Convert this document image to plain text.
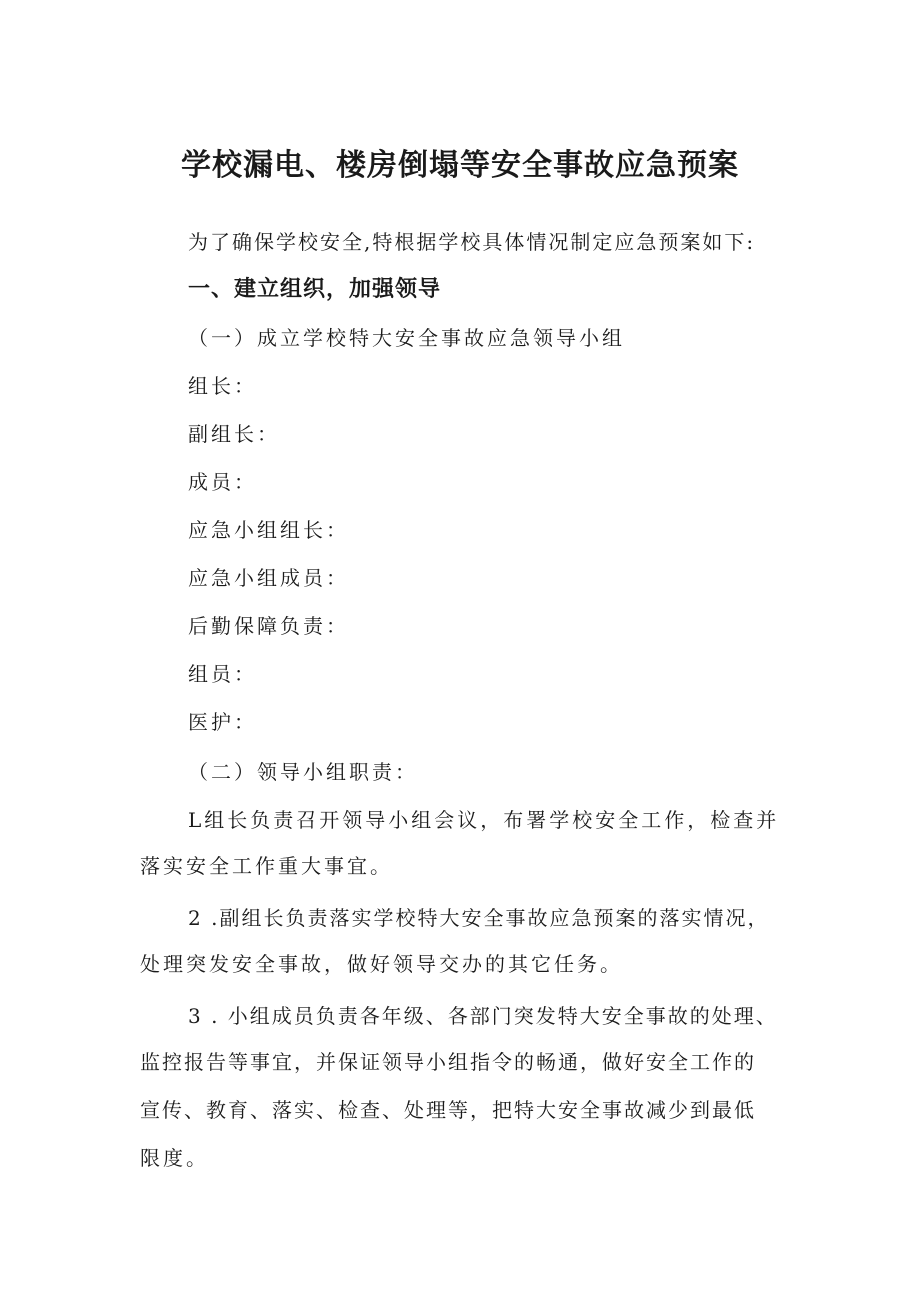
学校漏电、楼房倒塌等安全事故应急预案
为了确保学校安全,特根据学校具体情况制定应急预案如下:
一、建立组织，加强领导
（一）成立学校特大安全事故应急领导小组
组长：
副组长：
成员：
应急小组组长：
应急小组成员：
后勤保障负责：
组员：
医护：
（二）领导小组职责：
L组长负责召开领导小组会议，布署学校安全工作，检查并
落实安全工作重大事宜。
2 .副组长负责落实学校特大安全事故应急预案的落实情况，
处理突发安全事故，做好领导交办的其它任务。
3 . 小组成员负责各年级、各部门突发特大安全事故的处理、
监控报告等事宜，并保证领导小组指令的畅通，做好安全工作的
宣传、教育、落实、检查、处理等，把特大安全事故减少到最低
限度。
